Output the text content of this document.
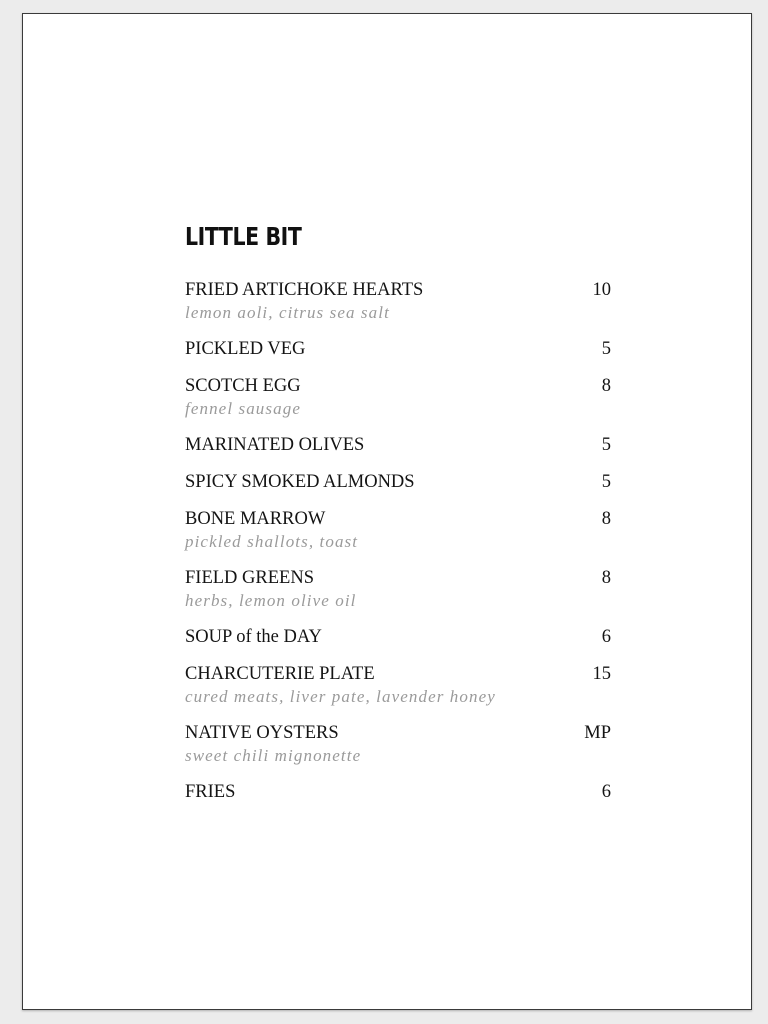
LITTLE BIT
FRIED ARTICHOKE HEARTS	10
lemon aoli, citrus sea salt
PICKLED VEG	5
SCOTCH EGG	8
fennel sausage
MARINATED OLIVES	5
SPICY SMOKED ALMONDS	5
BONE MARROW	8
pickled shallots, toast
FIELD GREENS	8
herbs, lemon olive oil
SOUP of the DAY	6
CHARCUTERIE PLATE	15
cured meats, liver pate, lavender honey
NATIVE OYSTERS	MP
sweet chili mignonette
FRIES	6
